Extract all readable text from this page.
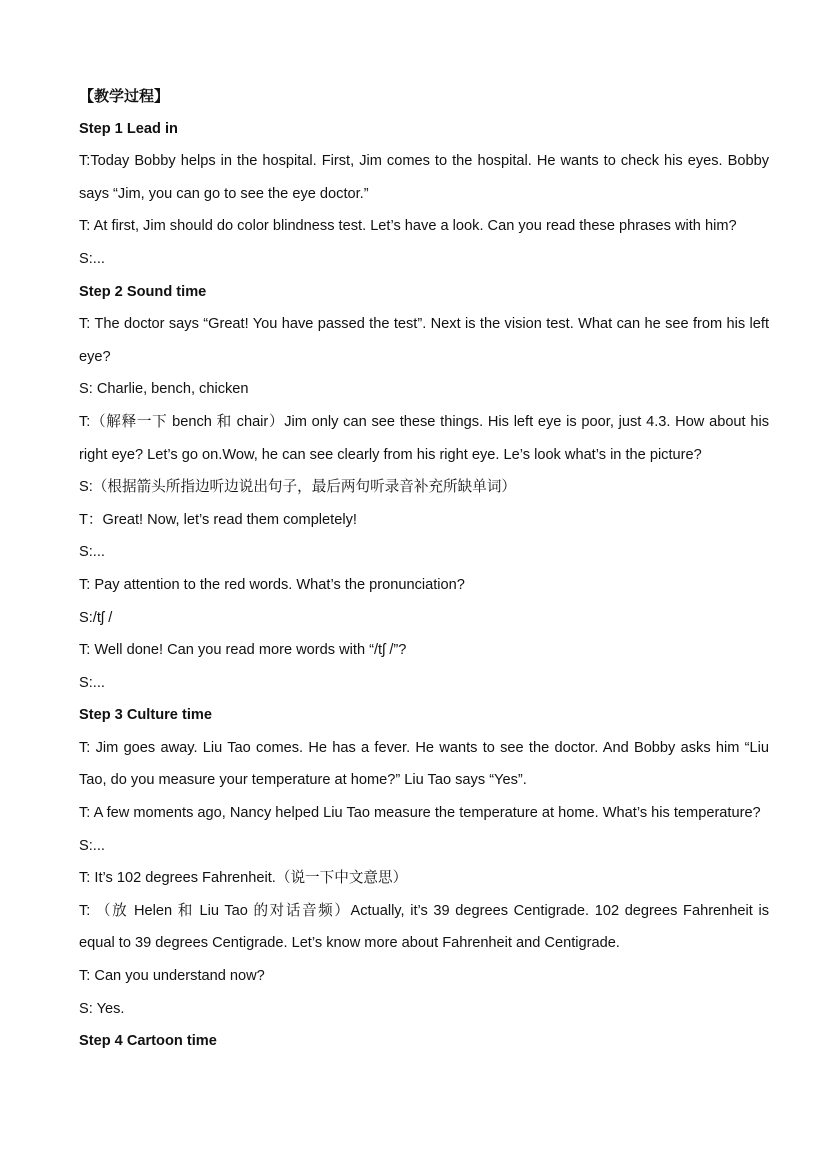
【教学过程】

Step 1 Lead in

T:Today Bobby helps in the hospital. First, Jim comes to the hospital. He wants to check his eyes. Bobby says “Jim, you can go to see the eye doctor.”

T: At first, Jim should do color blindness test. Let’s have a look. Can you read these phrases with him?

S:...

Step 2 Sound time

T: The doctor says “Great! You have passed the test”. Next is the vision test. What can he see from his left eye?

S: Charlie, bench, chicken

T:（解释一下 bench 和 chair）Jim only can see these things. His left eye is poor, just 4.3. How about his right eye? Let’s go on.Wow, he can see clearly from his right eye. Le’s look what’s in the picture?

S:（根据箭头所指边听边说出句子，最后两句听录音补充所缺单词）

T：Great! Now, let’s read them completely!

S:...

T: Pay attention to the red words. What’s the pronunciation?

S:/tʃ /

T: Well done! Can you read more words with “/tʃ /”?

S:...

Step 3 Culture time

T: Jim goes away. Liu Tao comes. He has a fever. He wants to see the doctor. And Bobby asks him “Liu Tao, do you measure your temperature at home?” Liu Tao says “Yes”.

T: A few moments ago, Nancy helped Liu Tao measure the temperature at home. What’s his temperature?

S:...

T: It’s 102 degrees Fahrenheit.（说一下中文意思）

T: （放 Helen 和 Liu Tao 的对话音频）Actually, it’s 39 degrees Centigrade. 102 degrees Fahrenheit is equal to 39 degrees Centigrade. Let’s know more about Fahrenheit and Centigrade.

T: Can you understand now?

S: Yes.

Step 4 Cartoon time
